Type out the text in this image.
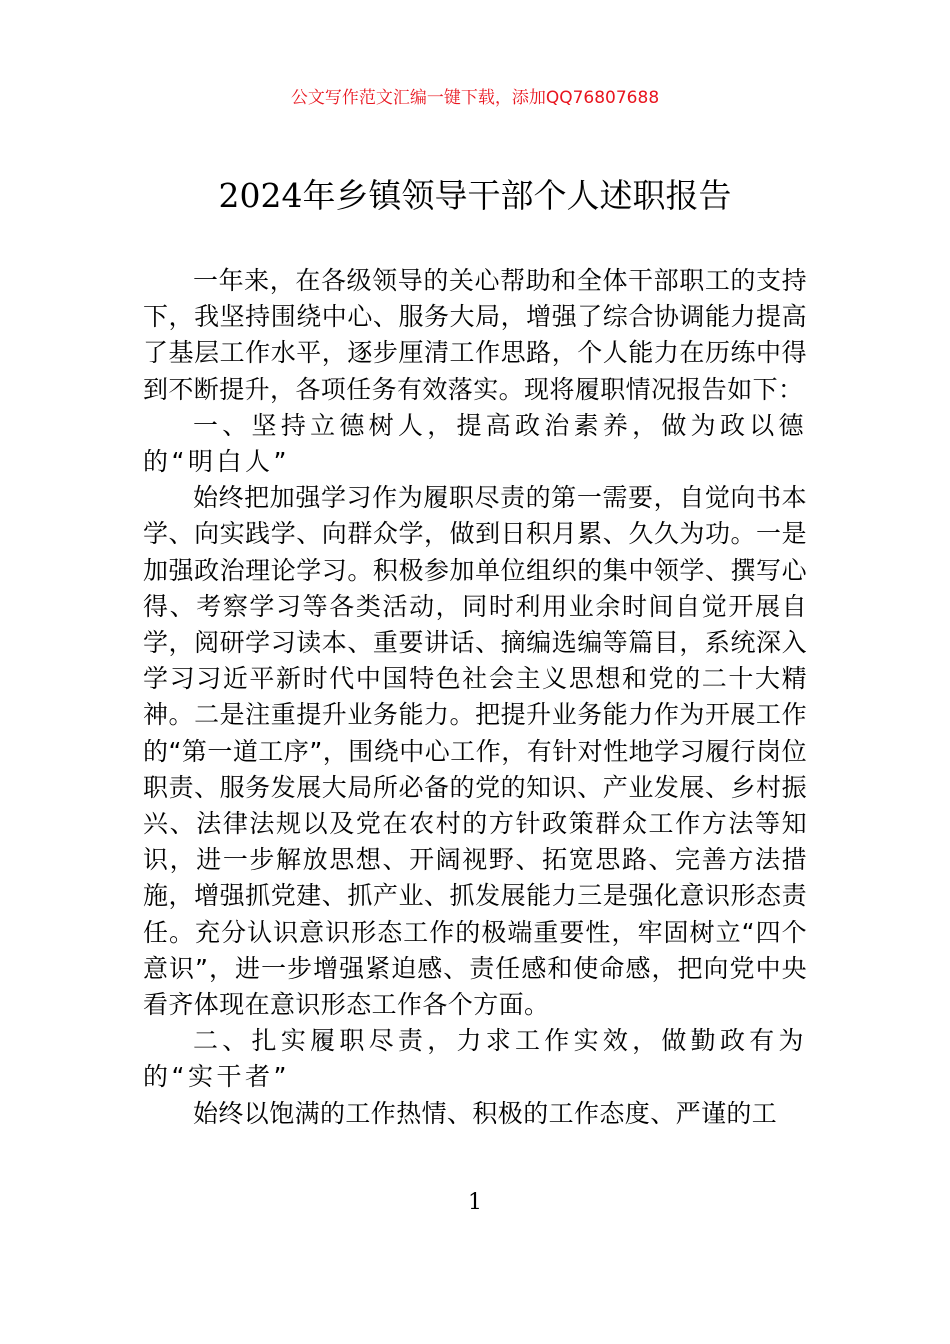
公文写作范文汇编一键下载，添加QQ76807688
2024年乡镇领导干部个人述职报告

一年来，在各级领导的关心帮助和全体干部职工的支持下，我坚持围绕中心、服务大局，增强了综合协调能力提高了基层工作水平，逐步厘清工作思路，个人能力在历练中得到不断提升，各项任务有效落实。现将履职情况报告如下：

一、坚持立德树人，提高政治素养，做为政以德的“明白人”

始终把加强学习作为履职尽责的第一需要，自觉向书本学、向实践学、向群众学，做到日积月累、久久为功。一是加强政治理论学习。积极参加单位组织的集中领学、撰写心得、考察学习等各类活动，同时利用业余时间自觉开展自学，阅研学习读本、重要讲话、摘编选编等篇目，系统深入学习习近平新时代中国特色社会主义思想和党的二十大精神。二是注重提升业务能力。把提升业务能力作为开展工作的“第一道工序”，围绕中心工作，有针对性地学习履行岗位职责、服务发展大局所必备的党的知识、产业发展、乡村振兴、法律法规以及党在农村的方针政策群众工作方法等知识，进一步解放思想、开阔视野、拓宽思路、完善方法措施，增强抓党建、抓产业、抓发展能力三是强化意识形态责任。充分认识意识形态工作的极端重要性，牢固树立“四个意识”，进一步增强紧迫感、责任感和使命感，把向党中央看齐体现在意识形态工作各个方面。

二、扎实履职尽责，力求工作实效，做勤政有为的“实干者”

始终以饱满的工作热情、积极的工作态度、严谨的工

1
